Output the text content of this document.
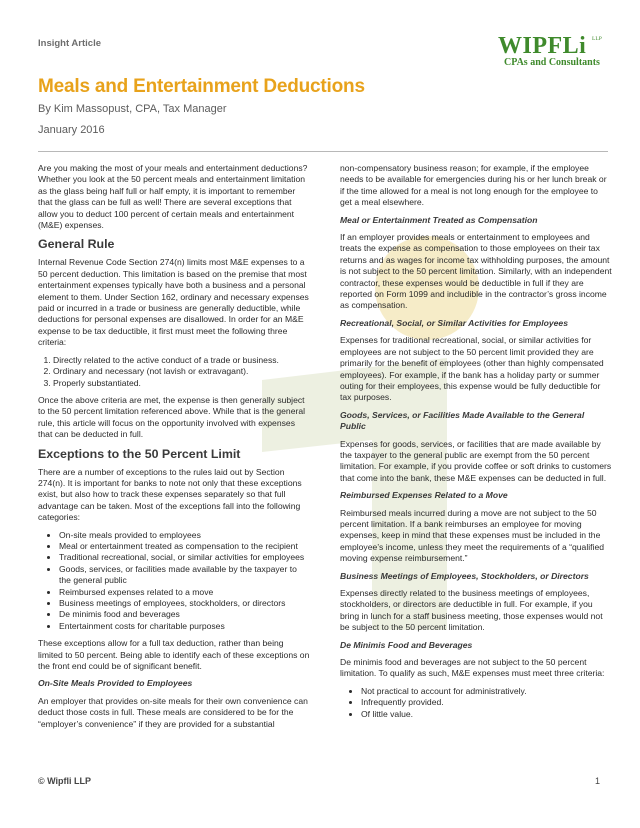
Insight Article	WIPFLi LLP
CPAs and Consultants
Meals and Entertainment Deductions
By Kim Massopust, CPA, Tax Manager
January 2016

Are you making the most of your meals and entertainment deductions? Whether you look at the 50 percent meals and entertainment limitation as the glass being half full or half empty, it is important to remember that the glass can be full as well! There are several exceptions that allow you to deduct 100 percent of certain meals and entertainment (M&E) expenses.

General Rule

Internal Revenue Code Section 274(n) limits most M&E expenses to a 50 percent deduction. This limitation is based on the premise that most entertainment expenses typically have both a business and a personal element to them. Under Section 162, ordinary and necessary expenses paid or incurred in a trade or business are generally deductible, while deductions for personal expenses are disallowed. In order for an M&E expense to be tax deductible, it first must meet the following three criteria:

1. Directly related to the active conduct of a trade or business.
2. Ordinary and necessary (not lavish or extravagant).
3. Properly substantiated.

Once the above criteria are met, the expense is then generally subject to the 50 percent limitation referenced above. While that is the general rule, this article will focus on the opportunity involved with expenses that can be deducted in full.

Exceptions to the 50 Percent Limit

There are a number of exceptions to the rules laid out by Section 274(n). It is important for banks to note not only that these exceptions exist, but also how to track these expenses separately so that full advantage can be taken. Most of the exceptions fall into the following categories:

• On-site meals provided to employees
• Meal or entertainment treated as compensation to the recipient
• Traditional recreational, social, or similar activities for employees
• Goods, services, or facilities made available by the taxpayer to the general public
• Reimbursed expenses related to a move
• Business meetings of employees, stockholders, or directors
• De minimis food and beverages
• Entertainment costs for charitable purposes

These exceptions allow for a full tax deduction, rather than being limited to 50 percent. Being able to identify each of these exceptions on the front end could be of significant benefit.

On-Site Meals Provided to Employees

An employer that provides on-site meals for their own convenience can deduct those costs in full. These meals are considered to be for the “employer’s convenience” if they are provided for a substantial

non-compensatory business reason; for example, if the employee needs to be available for emergencies during his or her lunch break or if the time allowed for a meal is not long enough for the employee to get a meal elsewhere.

Meal or Entertainment Treated as Compensation

If an employer provides meals or entertainment to employees and treats the expense as compensation to those employees on their tax returns and as wages for income tax withholding purposes, the amount is not subject to the 50 percent limitation. Similarly, with an independent contractor, these expenses would be deductible in full if they are reported on Form 1099 and includible in the contractor’s gross income as compensation.

Recreational, Social, or Similar Activities for Employees

Expenses for traditional recreational, social, or similar activities for employees are not subject to the 50 percent limit provided they are primarily for the benefit of employees (other than highly compensated employees). For example, if the bank has a holiday party or summer outing for their employees, this expense would be fully deductible for tax purposes.

Goods, Services, or Facilities Made Available to the General Public

Expenses for goods, services, or facilities that are made available by the taxpayer to the general public are exempt from the 50 percent limitation. For example, if you provide coffee or soft drinks to customers that come into the bank, these M&E expenses can be deducted in full.

Reimbursed Expenses Related to a Move

Reimbursed meals incurred during a move are not subject to the 50 percent limitation. If a bank reimburses an employee for moving expenses, keep in mind that these expenses must be included in the employee’s income, unless they meet the requirements of a “qualified moving expense reimbursement.”

Business Meetings of Employees, Stockholders, or Directors

Expenses directly related to the business meetings of employees, stockholders, or directors are deductible in full. For example, if you bring in lunch for a staff business meeting, those expenses would not be subject to the 50 percent limitation.

De Minimis Food and Beverages

De minimis food and beverages are not subject to the 50 percent limitation. To qualify as such, M&E expenses must meet three criteria:

• Not practical to account for administratively.
• Infrequently provided.
• Of little value.
© Wipfli LLP	1
